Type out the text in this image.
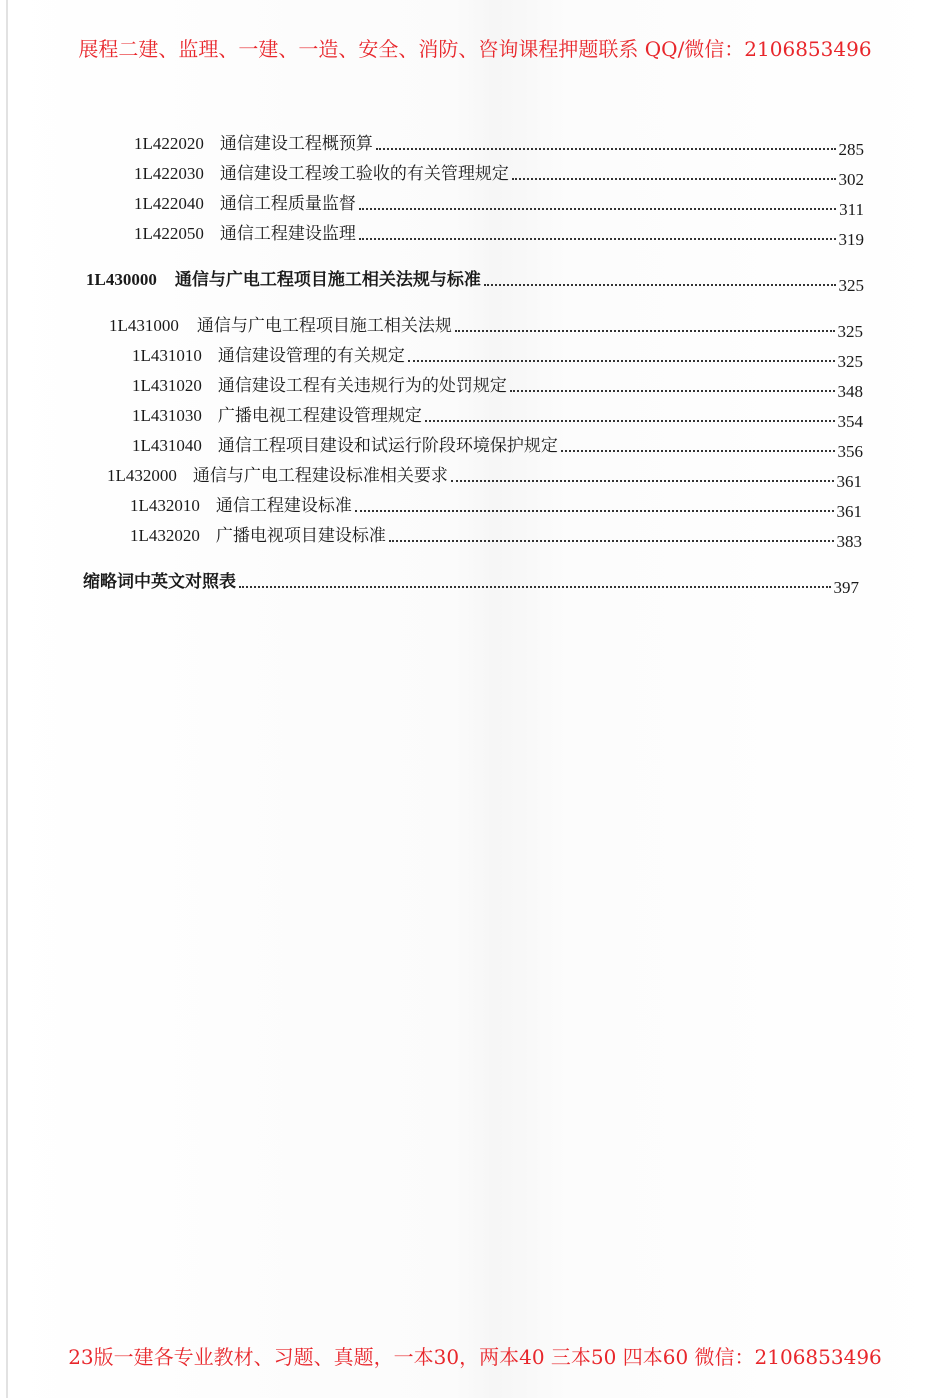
展程二建、监理、一建、一造、安全、消防、咨询课程押题联系 QQ/微信：2106853496
1L422020 通信建设工程概预算	285
1L422030 通信建设工程竣工验收的有关管理规定	302
1L422040 通信工程质量监督	311
1L422050 通信工程建设监理	319
1L430000 通信与广电工程项目施工相关法规与标准	325
1L431000 通信与广电工程项目施工相关法规	325
1L431010 通信建设管理的有关规定	325
1L431020 通信建设工程有关违规行为的处罚规定	348
1L431030 广播电视工程建设管理规定	354
1L431040 通信工程项目建设和试运行阶段环境保护规定	356
1L432000 通信与广电工程建设标准相关要求	361
1L432010 通信工程建设标准	361
1L432020 广播电视项目建设标准	383
缩略词中英文对照表	397
23版一建各专业教材、习题、真题，一本30，两本40 三本50 四本60 微信：2106853496
